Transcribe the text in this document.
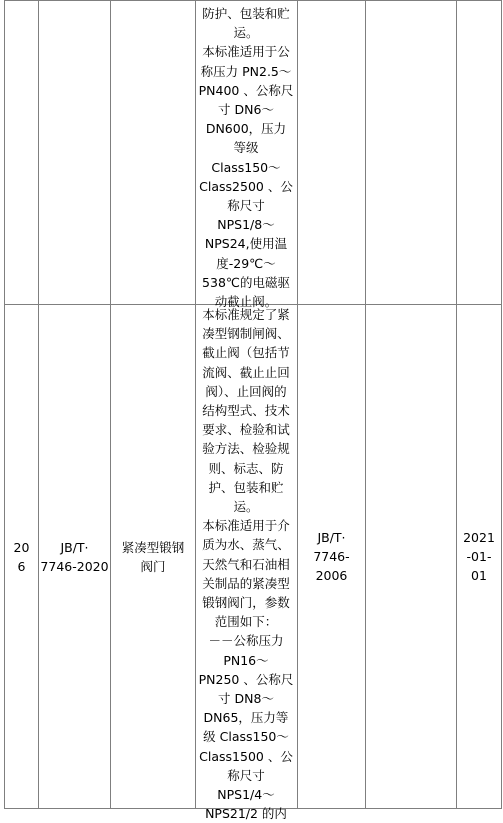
防护、包装和贮
运。
本标准适用于公
称压力 PN2.5～
PN400 、公称尺
寸 DN6～
DN600，压力
等级
Class150～
Class2500 、公
称尺寸
NPS1/8～
NPS24,使用温
度-29℃～
538℃的电磁驱
动截止阀。
20
6
JB/T·
7746-2020
紧凑型锻钢
阀门
本标准规定了紧
凑型钢制闸阀、
截止阀（包括节
流阀、截止止回
阀）、止回阀的
结构型式、技术
要求、检验和试
验方法、检验规
则、标志、防
护、包装和贮
运。
本标准适用于介
质为水、蒸气、
天然气和石油相
关制品的紧凑型
锻钢阀门，参数
范围如下：
－－公称压力
PN16～
PN250 、公称尺
寸 DN8～
DN65，压力等
级 Class150～
Class1500 、公
称尺寸
NPS1/4～
NPS21/2 的内
JB/T·
7746-
2006
2021
-01-
01
